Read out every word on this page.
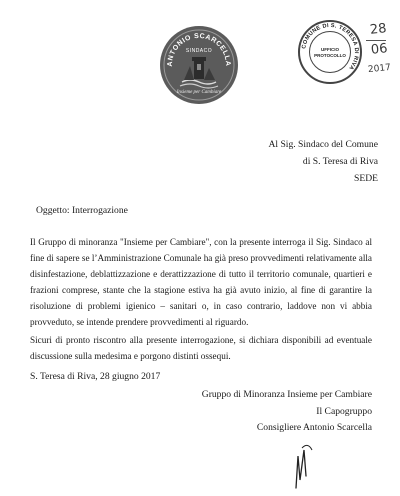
ANTONIO SCARCELLA
SINDACO
Insieme per Cambiare
COMUNE DI S. TERESA DI RIVA
UFFICIO
PROTOCOLLO
28
06
2017
Al Sig. Sindaco del Comune
di S. Teresa di Riva
SEDE
Oggetto: Interrogazione
Il Gruppo di minoranza "Insieme per Cambiare", con la presente interroga il Sig. Sindaco al fine di sapere se l’Amministrazione Comunale ha già preso provvedimenti relativamente alla disinfestazione, deblattizzazione e derattizzazione di tutto il territorio comunale, quartieri e frazioni comprese, stante che la stagione estiva ha già avuto inizio, al fine di garantire la risoluzione di problemi igienico – sanitari o, in caso contrario, laddove non vi abbia provveduto, se intende prendere provvedimenti al riguardo.
Sicuri di pronto riscontro alla presente interrogazione, si dichiara disponibili ad eventuale discussione sulla medesima e porgono distinti ossequi.
S. Teresa di Riva, 28 giugno 2017
Gruppo di Minoranza Insieme per Cambiare
Il Capogruppo
Consigliere Antonio Scarcella
